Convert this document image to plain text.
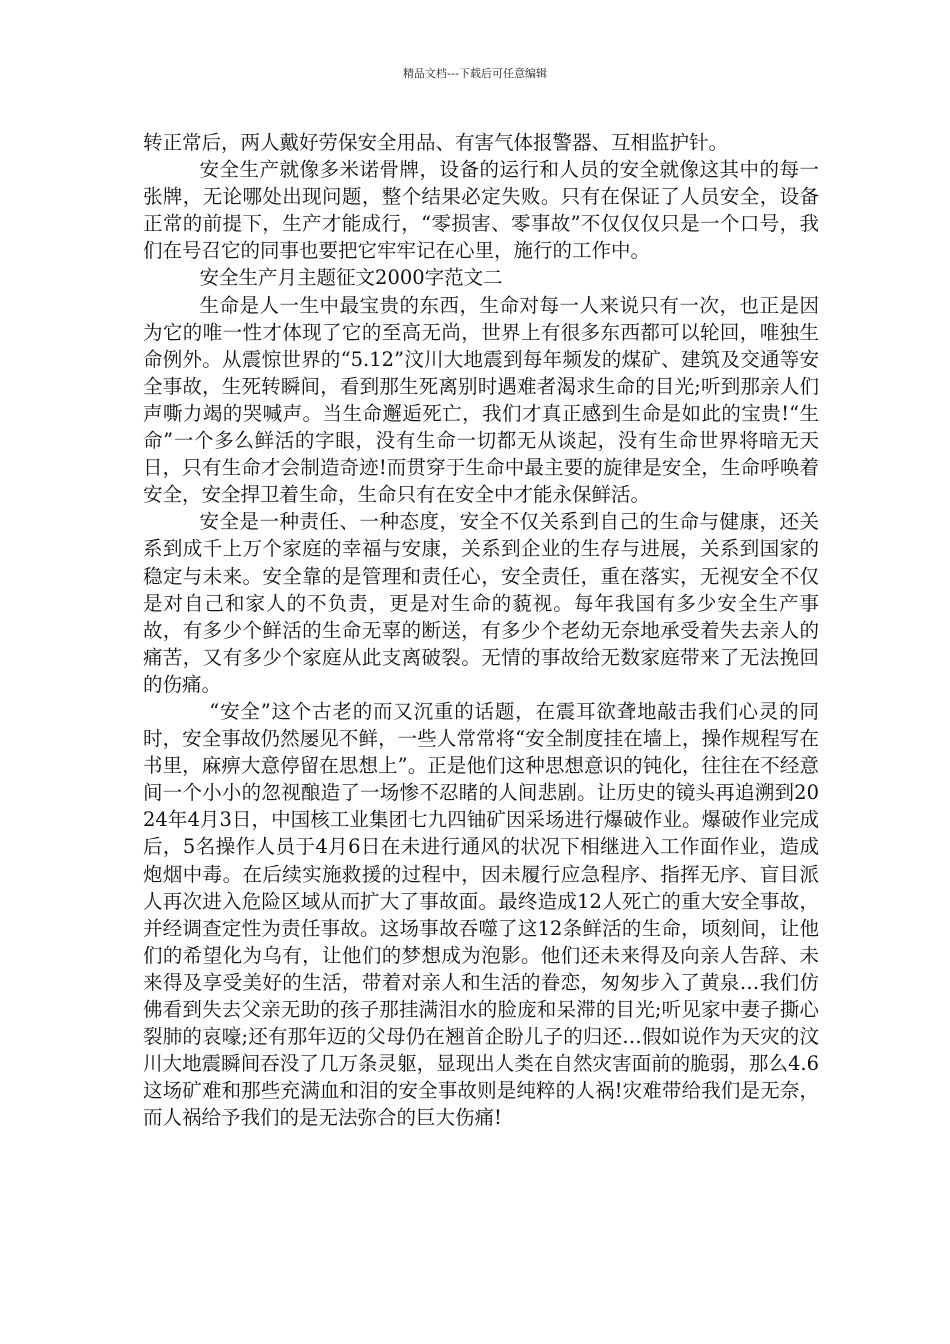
精品文档---下载后可任意编辑

转正常后，两人戴好劳保安全用品、有害气体报警器、互相监护针。

安全生产就像多米诺骨牌，设备的运行和人员的安全就像这其中的每一张牌，无论哪处出现问题，整个结果必定失败。只有在保证了人员安全，设备正常的前提下，生产才能成行，“零损害、零事故”不仅仅仅只是一个口号，我们在号召它的同事也要把它牢牢记在心里，施行的工作中。

安全生产月主题征文2000字范文二

生命是人一生中最宝贵的东西，生命对每一人来说只有一次，也正是因为它的唯一性才体现了它的至高无尚，世界上有很多东西都可以轮回，唯独生命例外。从震惊世界的“5.12”汶川大地震到每年频发的煤矿、建筑及交通等安全事故，生死转瞬间，看到那生死离别时遇难者渴求生命的目光;听到那亲人们声嘶力竭的哭喊声。当生命邂逅死亡，我们才真正感到生命是如此的宝贵!“生命”一个多么鲜活的字眼，没有生命一切都无从谈起，没有生命世界将暗无天日，只有生命才会制造奇迹!而贯穿于生命中最主要的旋律是安全，生命呼唤着安全，安全捍卫着生命，生命只有在安全中才能永保鲜活。

安全是一种责任、一种态度，安全不仅关系到自己的生命与健康，还关系到成千上万个家庭的幸福与安康，关系到企业的生存与进展，关系到国家的稳定与未来。安全靠的是管理和责任心，安全责任，重在落实，无视安全不仅是对自己和家人的不负责，更是对生命的藐视。每年我国有多少安全生产事故，有多少个鲜活的生命无辜的断送，有多少个老幼无奈地承受着失去亲人的痛苦，又有多少个家庭从此支离破裂。无情的事故给无数家庭带来了无法挽回的伤痛。

“安全”这个古老的而又沉重的话题，在震耳欲聋地敲击我们心灵的同时，安全事故仍然屡见不鲜，一些人常常将“安全制度挂在墙上，操作规程写在书里，麻痹大意停留在思想上”。正是他们这种思想意识的钝化，往往在不经意间一个小小的忽视酿造了一场惨不忍睹的人间悲剧。让历史的镜头再追溯到2024年4月3日，中国核工业集团七九四铀矿因采场进行爆破作业。爆破作业完成后，5名操作人员于4月6日在未进行通风的状况下相继进入工作面作业，造成炮烟中毒。在后续实施救援的过程中，因未履行应急程序、指挥无序、盲目派人再次进入危险区域从而扩大了事故面。最终造成12人死亡的重大安全事故，并经调查定性为责任事故。这场事故吞噬了这12条鲜活的生命，顷刻间，让他们的希望化为乌有，让他们的梦想成为泡影。他们还未来得及向亲人告辞、未来得及享受美好的生活，带着对亲人和生活的眷恋，匆匆步入了黄泉…我们仿佛看到失去父亲无助的孩子那挂满泪水的脸庞和呆滞的目光;听见家中妻子撕心裂肺的哀嚎;还有那年迈的父母仍在翘首企盼儿子的归还…假如说作为天灾的汶川大地震瞬间吞没了几万条灵躯，显现出人类在自然灾害面前的脆弱，那么4.6这场矿难和那些充满血和泪的安全事故则是纯粹的人祸!灾难带给我们是无奈，而人祸给予我们的是无法弥合的巨大伤痛!
